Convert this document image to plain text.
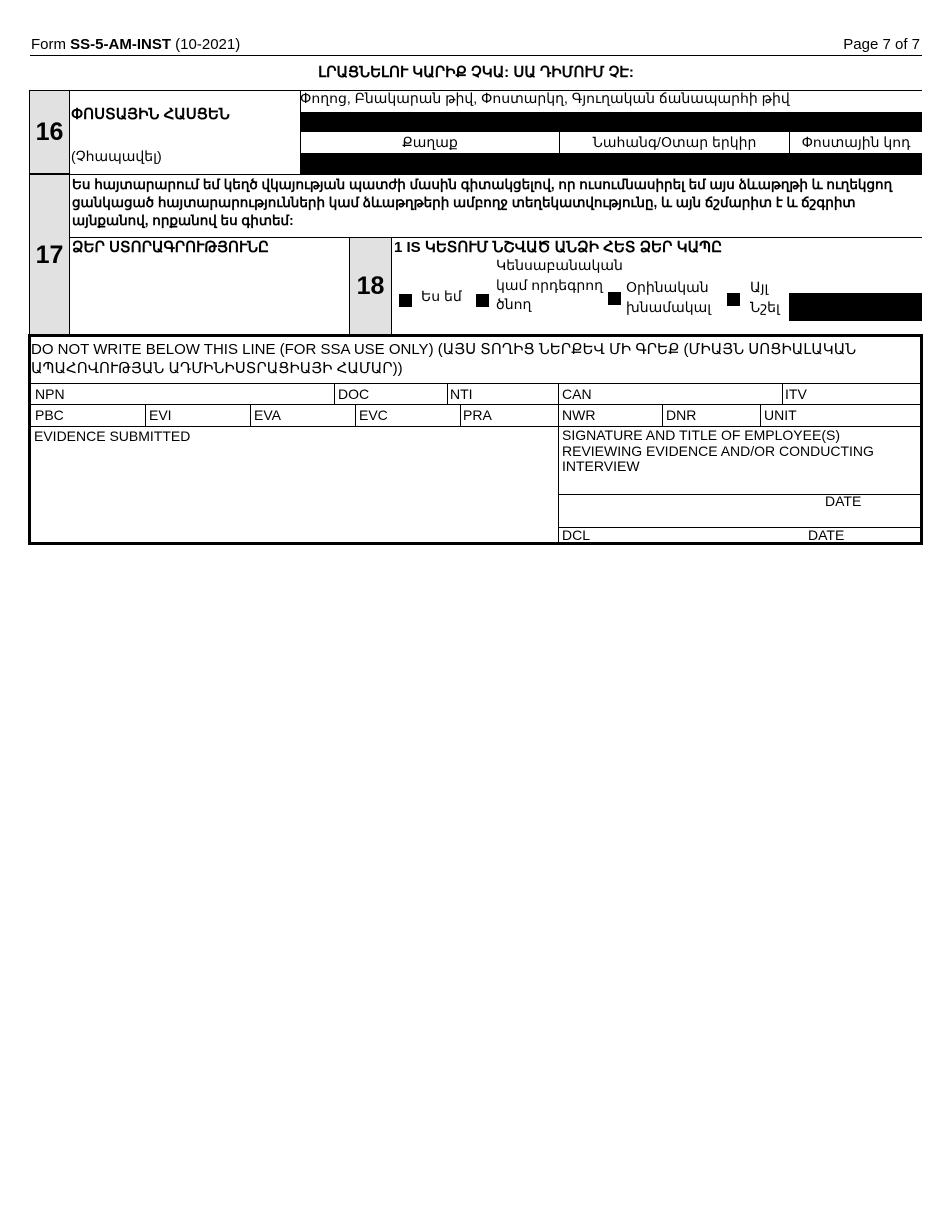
Form SS-5-AM-INST (10-2021)	Page 7 of 7
ԼՐԱՑՆԵԼՈՒ ԿԱՐԻՔ ՉԿԱ: ՍԱ ԴԻՄՈՒՄ ՉԷ:
16
ՓՈՍՏԱՅԻՆ ՀԱՍՑԵՆ
(Չհապավել)
Փողոց, Բնակարան թիվ, Փոստարկղ, Գյուղական ճանապարհի թիվ
Քաղաք	Նահանգ/Օտար երկիր	Փոստային կոդ
17
Ես հայտարարում եմ կեղծ վկայության պատժի մասին գիտակցելով, որ ուսումնասիրել եմ այս ձևաթղթի և ուղեկցող ցանկացած հայտարարությունների կամ ձևաթղթերի ամբողջ տեղեկատվությունը, և այն ճշմարիտ է և ճշգրիտ այնքանով, որքանով ես գիտեմ:
ՁԵՐ ՍՏՈՐԱԳՐՈՒԹՅՈՒՆԸ
18
1 IS ԿԵՏՈՒՄ ՆՇՎԱԾ ԱՆՁԻ ՀԵՏ ՁԵՐ ԿԱՊԸ
Ես եմ
Կենսաբանական կամ որդեգրող ծնող
Օրինական խնամակալ
Այլ Նշել
DO NOT WRITE BELOW THIS LINE (FOR SSA USE ONLY) (ԱՅՍ ՏՈՂԻՑ ՆԵՐՔԵՎ ՄԻ ԳՐԵՔ (ՄԻԱՅՆ ՍՈՑԻԱԼԱԿԱՆ ԱՊԱՀՈՎՈՒԹՅԱՆ ԱԴՄԻՆԻՍՏՐԱՑԻԱՅԻ ՀԱՄԱՐ))
NPN	DOC	NTI	CAN	ITV
PBC	EVI	EVA	EVC	PRA	NWR	DNR	UNIT
EVIDENCE SUBMITTED	SIGNATURE AND TITLE OF EMPLOYEE(S) REVIEWING EVIDENCE AND/OR CONDUCTING INTERVIEW
DATE
DCL	DATE
